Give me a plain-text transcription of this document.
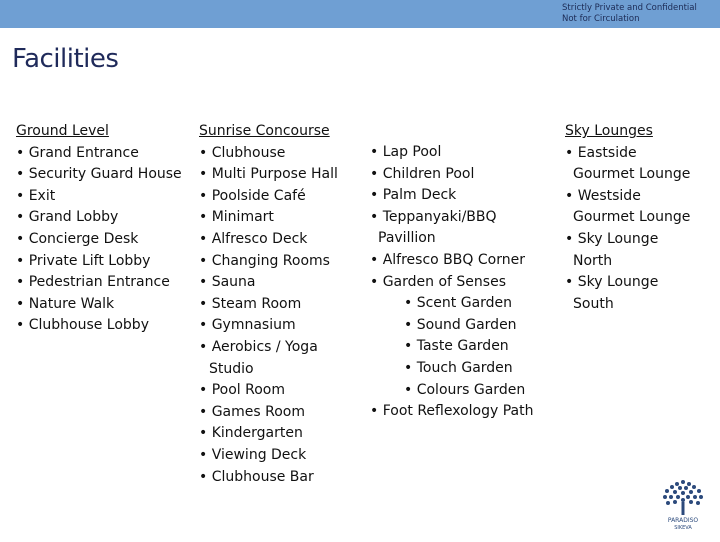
Strictly Private and Confidential
Not for Circulation
Facilities
Ground Level
• Grand Entrance
• Security Guard House
• Exit
• Grand Lobby
• Concierge Desk
• Private Lift Lobby
• Pedestrian Entrance
• Nature Walk
• Clubhouse Lobby
Sunrise Concourse
• Clubhouse
• Multi Purpose Hall
• Poolside Café
• Minimart
• Alfresco Deck
• Changing Rooms
• Sauna
• Steam Room
• Gymnasium
• Aerobics / Yoga
Studio
• Pool Room
• Games Room
• Kindergarten
• Viewing Deck
• Clubhouse Bar
• Lap Pool
• Children Pool
• Palm Deck
• Teppanyaki/BBQ
Pavillion
• Alfresco BBQ Corner
• Garden of Senses
• Scent Garden
• Sound Garden
• Taste Garden
• Touch Garden
• Colours Garden
• Foot Reflexology Path
Sky Lounges
• Eastside
Gourmet Lounge
• Westside
Gourmet Lounge
• Sky Lounge
North
• Sky Lounge
South
PARADISO
SIKEVA
